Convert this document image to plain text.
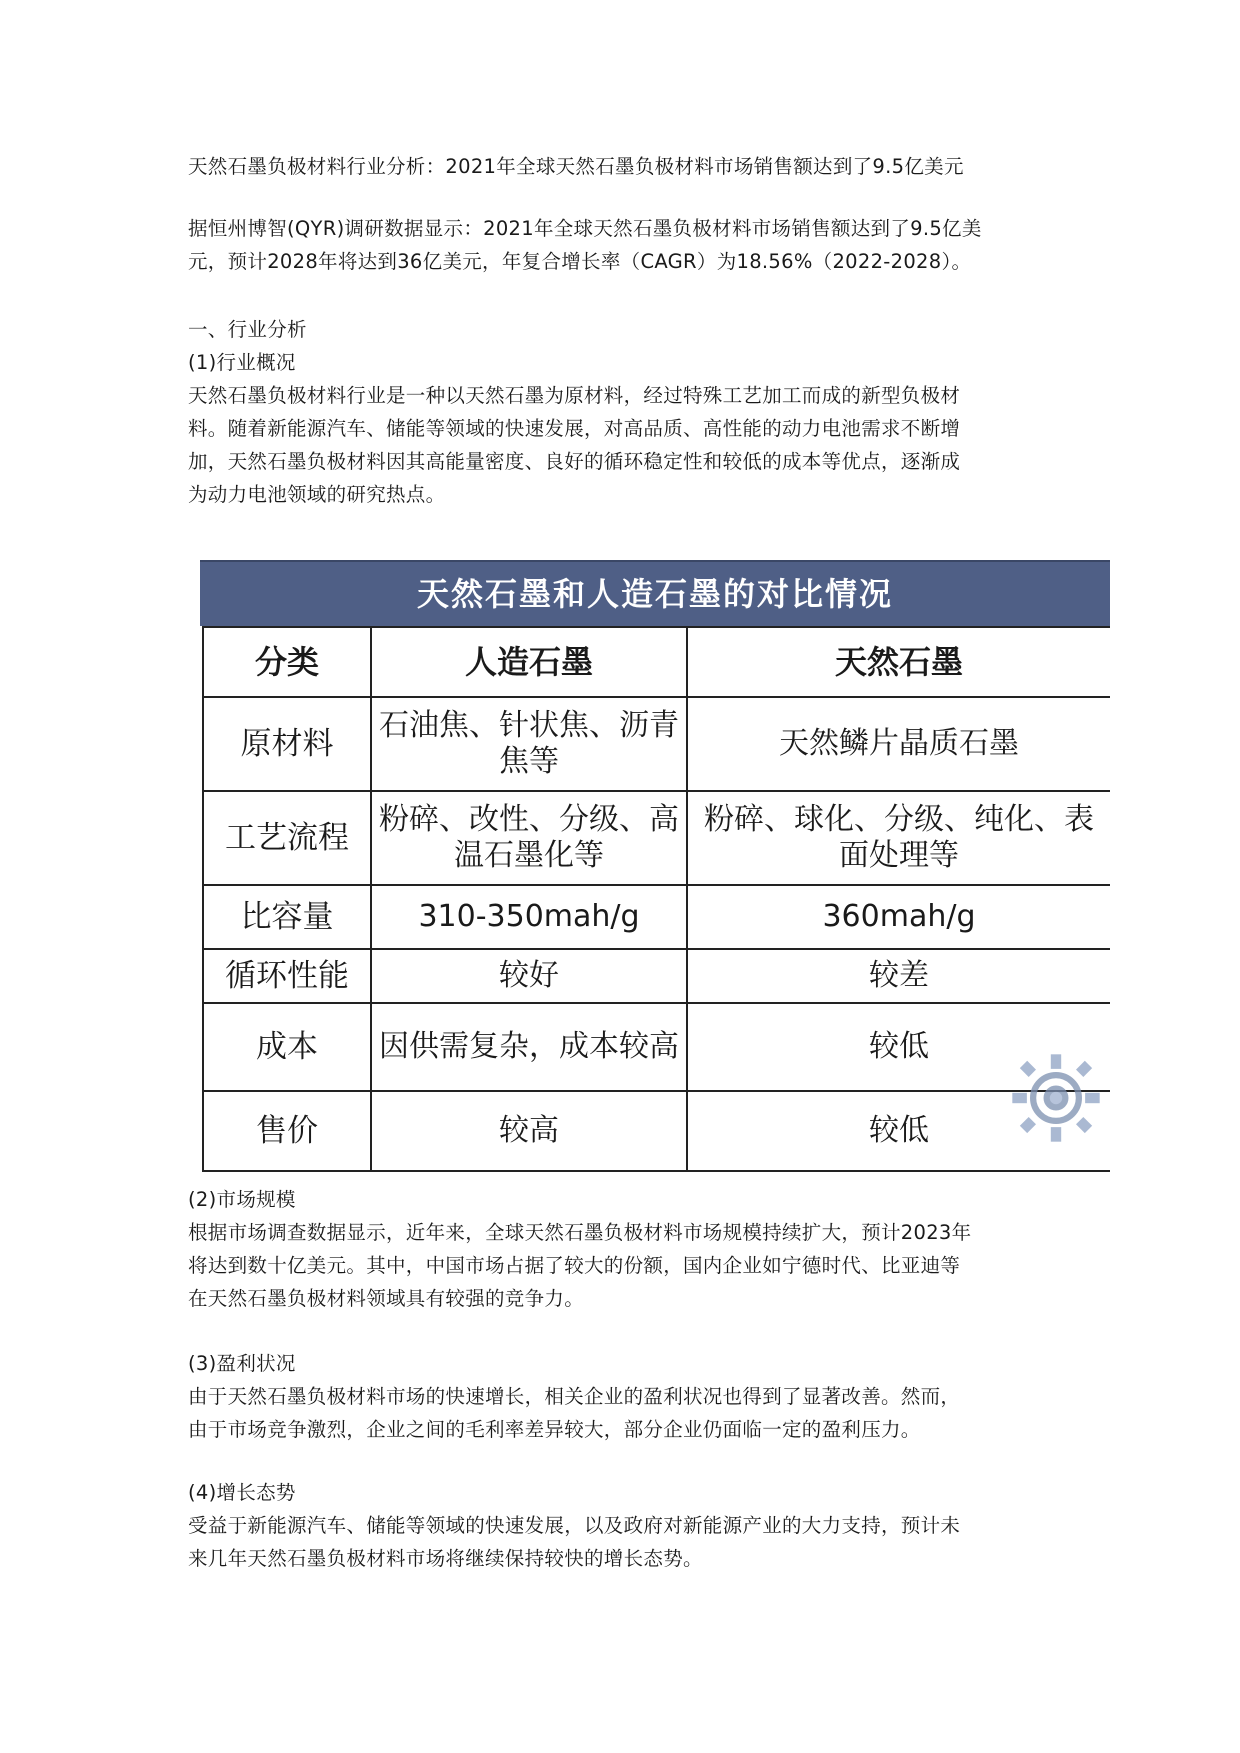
天然石墨负极材料行业分析：2021年全球天然石墨负极材料市场销售额达到了9.5亿美元

据恒州博智(QYR)调研数据显示：2021年全球天然石墨负极材料市场销售额达到了9.5亿美

元，预计2028年将达到36亿美元，年复合增长率（CAGR）为18.56%（2022-2028）。

一、行业分析

(1)行业概况

天然石墨负极材料行业是一种以天然石墨为原材料，经过特殊工艺加工而成的新型负极材

料。随着新能源汽车、储能等领域的快速发展，对高品质、高性能的动力电池需求不断增

加，天然石墨负极材料因其高能量密度、良好的循环稳定性和较低的成本等优点，逐渐成

为动力电池领域的研究热点。

天然石墨和人造石墨的对比情况
分类	人造石墨	天然石墨
原材料	石油焦、针状焦、沥青焦等	天然鳞片晶质石墨
工艺流程	粉碎、改性、分级、高温石墨化等	粉碎、球化、分级、纯化、表面处理等
比容量	310-350mah/g	360mah/g
循环性能	较好	较差
成本	因供需复杂，成本较高	较低
售价	较高	较低

(2)市场规模

根据市场调查数据显示，近年来，全球天然石墨负极材料市场规模持续扩大，预计2023年

将达到数十亿美元。其中，中国市场占据了较大的份额，国内企业如宁德时代、比亚迪等

在天然石墨负极材料领域具有较强的竞争力。

(3)盈利状况

由于天然石墨负极材料市场的快速增长，相关企业的盈利状况也得到了显著改善。然而，

由于市场竞争激烈，企业之间的毛利率差异较大，部分企业仍面临一定的盈利压力。

(4)增长态势

受益于新能源汽车、储能等领域的快速发展，以及政府对新能源产业的大力支持，预计未

来几年天然石墨负极材料市场将继续保持较快的增长态势。
